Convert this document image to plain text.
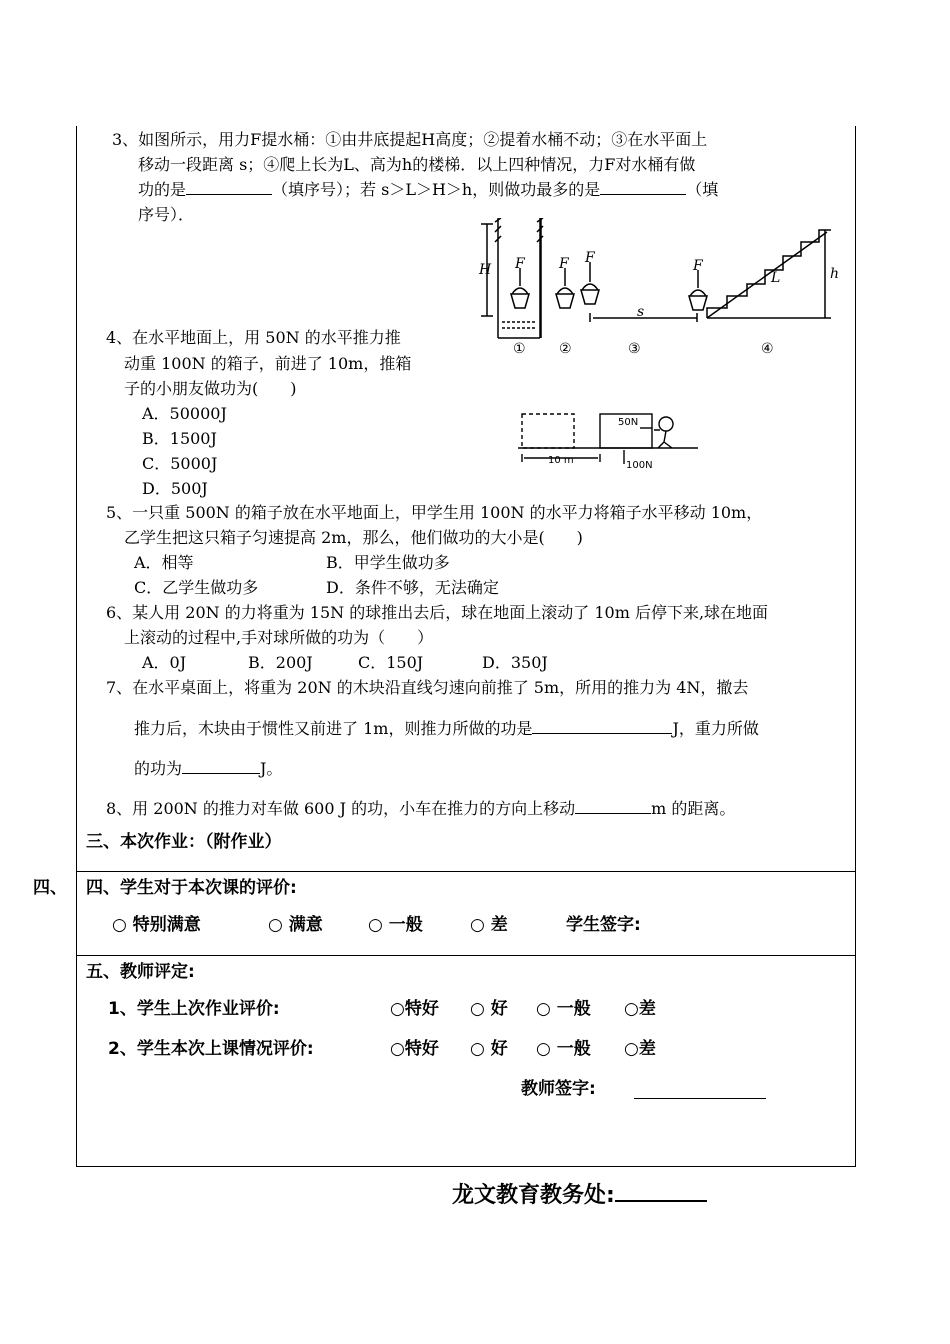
3、如图所示，用力F提水桶：①由井底提起H高度；②提着水桶不动；③在水平面上
移动一段距离 s；④爬上长为L、高为h的楼梯．以上四种情况，力F对水桶有做
功的是	（填序号）；若 s＞L＞H＞h，则做功最多的是	（填
序号）．
H F F F	F
s
L	h
① ②	③	④
4、在水平地面上，用 50N 的水平推力推
动重 100N 的箱子，前进了 10m，推箱
子的小朋友做功为(　　)
A．50000J
B．1500J
C．5000J
D．500J
50N
10 m	100N
5、一只重 500N 的箱子放在水平地面上，甲学生用 100N 的水平力将箱子水平移动 10m，
乙学生把这只箱子匀速提高 2m，那么，他们做功的大小是(　　)
A．相等	B．甲学生做功多
C．乙学生做功多	D．条件不够，无法确定
6、某人用 20N 的力将重为 15N 的球推出去后，球在地面上滚动了 10m 后停下来,球在地面
上滚动的过程中,手对球所做的功为（　　）
A．0J	B．200J	C．150J	D．350J
7、在水平桌面上，将重为 20N 的木块沿直线匀速向前推了 5m，所用的推力为 4N，撤去
推力后，木块由于惯性又前进了 1m，则推力所做的功是	J，重力所做
的功为	J。
8、用 200N 的推力对车做 600 J 的功，小车在推力的方向上移动	m 的距离。
三、本次作业：（附作业）
四、 四、学生对于本次课的评价:
○ 特别满意	○ 满意	○ 一般	○ 差	学生签字:
五、教师评定:
1、学生上次作业评价:	○特好 ○ 好 ○ 一般 ○差
2、学生本次上课情况评价:	○特好 ○ 好 ○ 一般 ○差
教师签字:
龙文教育教务处:
